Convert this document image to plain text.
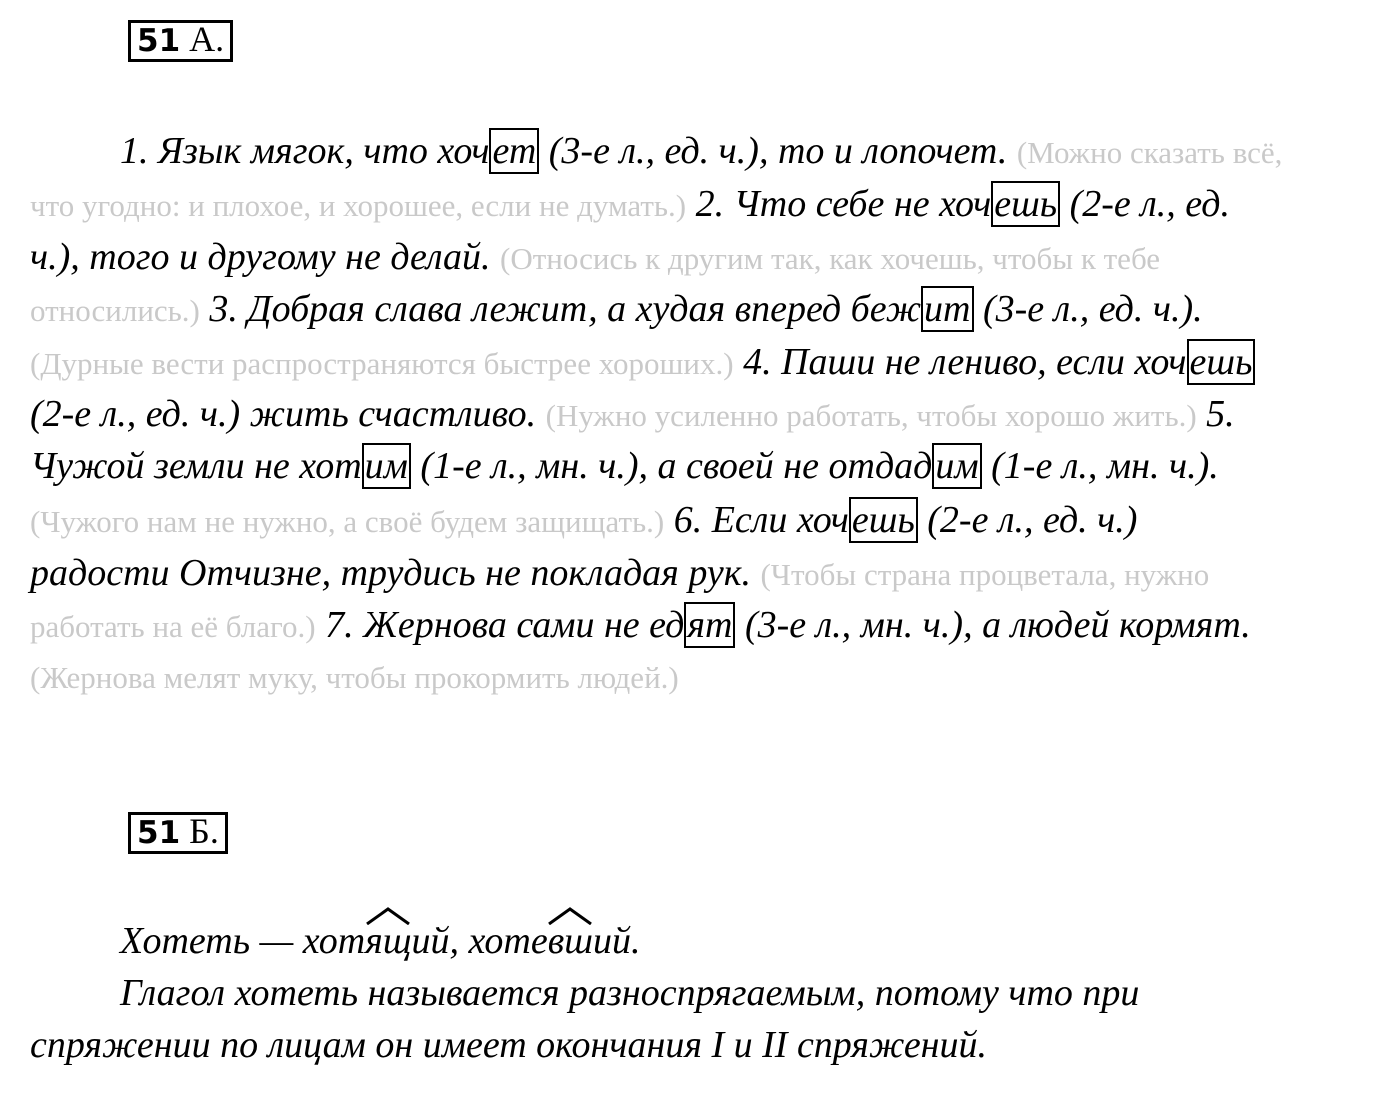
51 А.
1. Язык мягок, что хочет (3-е л., ед. ч.), то и лопочет. (Можно сказать всё,
что угодно: и плохое, и хорошее, если не думать.) 2. Что себе не хочешь (2-е л., ед.
ч.), того и другому не делай. (Относись к другим так, как хочешь, чтобы к тебе
относились.) 3. Добрая слава лежит, а худая вперед бежит (3-е л., ед. ч.).
(Дурные вести распространяются быстрее хороших.) 4. Паши не лениво, если хочешь
(2-е л., ед. ч.) жить счастливо. (Нужно усиленно работать, чтобы хорошо жить.) 5.
Чужой земли не хотим (1-е л., мн. ч.), а своей не отдадим (1-е л., мн. ч.).
(Чужого нам не нужно, а своё будем защищать.) 6. Если хочешь (2-е л., ед. ч.)
радости Отчизне, трудись не покладая рук. (Чтобы страна процветала, нужно
работать на её благо.) 7. Жернова сами не едят (3-е л., мн. ч.), а людей кормят.
(Жернова мелят муку, чтобы прокормить людей.)
51 Б.
Хотеть — хот
ящий, хоте
вший.
Глагол хотеть называется разноспрягаемым, потому что при
спряжении по лицам он имеет окончания I и II спряжений.
